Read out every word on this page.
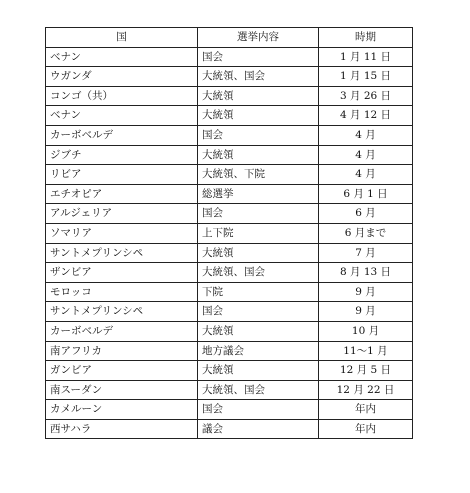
国	選挙内容	時期
ベナン	国会	1 月 11 日
ウガンダ	大統領、国会	1 月 15 日
コンゴ（共）	大統領	3 月 26 日
ベナン	大統領	4 月 12 日
カーボベルデ	国会	4 月
ジブチ	大統領	4 月
リビア	大統領、下院	4 月
エチオピア	総選挙	6 月 1 日
アルジェリア	国会	6 月
ソマリア	上下院	6 月まで
サントメプリンシペ	大統領	7 月
ザンビア	大統領、国会	8 月 13 日
モロッコ	下院	9 月
サントメプリンシペ	国会	9 月
カーボベルデ	大統領	10 月
南アフリカ	地方議会	11～1 月
ガンビア	大統領	12 月 5 日
南スーダン	大統領、国会	12 月 22 日
カメルーン	国会	年内
西サハラ	議会	年内
